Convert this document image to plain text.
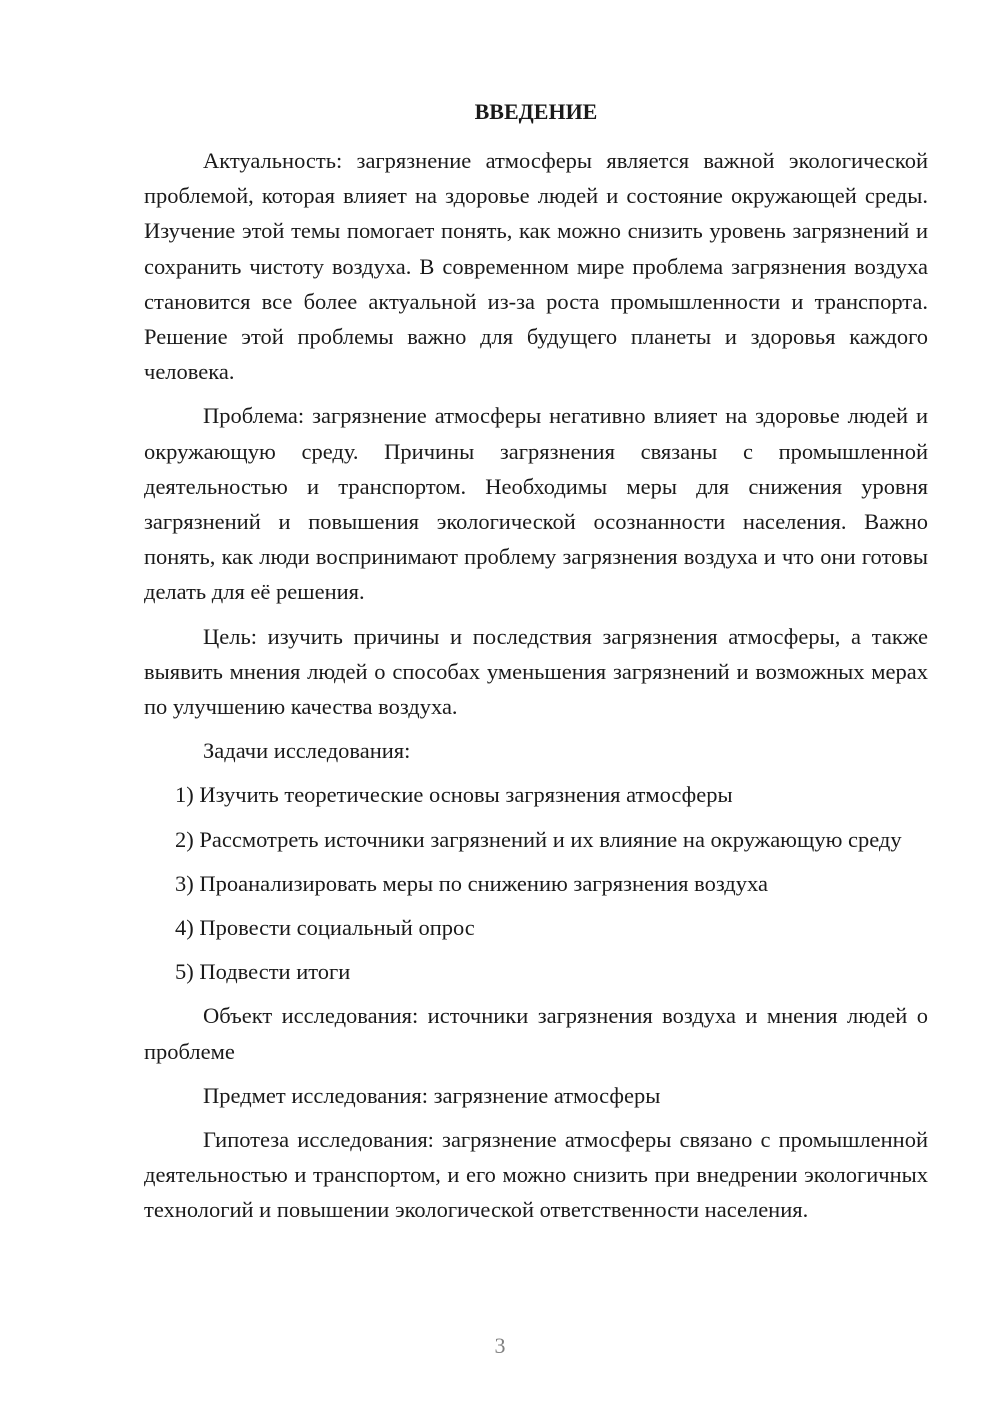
ВВЕДЕНИЕ

Актуальность: загрязнение атмосферы является важной экологической проблемой, которая влияет на здоровье людей и состояние окружающей среды. Изучение этой темы помогает понять, как можно снизить уровень загрязнений и сохранить чистоту воздуха. В современном мире проблема загрязнения воздуха становится все более актуальной из-за роста промышленности и транспорта. Решение этой проблемы важно для будущего планеты и здоровья каждого человека.

Проблема: загрязнение атмосферы негативно влияет на здоровье людей и окружающую среду. Причины загрязнения связаны с промышленной деятельностью и транспортом. Необходимы меры для снижения уровня загрязнений и повышения экологической осознанности населения. Важно понять, как люди воспринимают проблему загрязнения воздуха и что они готовы делать для её решения.

Цель: изучить причины и последствия загрязнения атмосферы, а также выявить мнения людей о способах уменьшения загрязнений и возможных мерах по улучшению качества воздуха.

Задачи исследования:

1) Изучить теоретические основы загрязнения атмосферы

2) Рассмотреть источники загрязнений и их влияние на окружающую среду

3) Проанализировать меры по снижению загрязнения воздуха

4) Провести социальный опрос

5) Подвести итоги

Объект исследования: источники загрязнения воздуха и мнения людей о проблеме

Предмет исследования: загрязнение атмосферы

Гипотеза исследования: загрязнение атмосферы связано с промышленной деятельностью и транспортом, и его можно снизить при внедрении экологичных технологий и повышении экологической ответственности населения.

3
